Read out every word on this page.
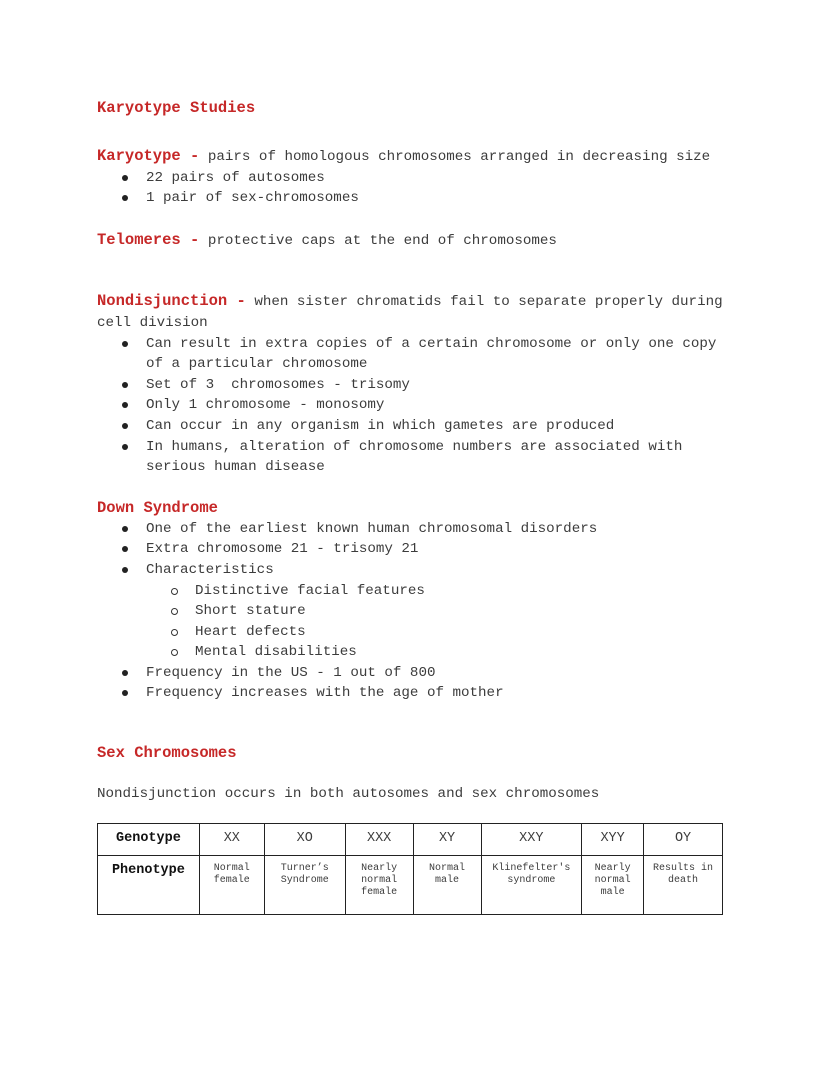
Karyotype Studies

Karyotype - pairs of homologous chromosomes arranged in decreasing size

22 pairs of autosomes
1 pair of sex-chromosomes

Telomeres - protective caps at the end of chromosomes

Nondisjunction - when sister chromatids fail to separate properly during cell division

Can result in extra copies of a certain chromosome or only one copy of a particular chromosome
Set of 3  chromosomes - trisomy
Only 1 chromosome - monosomy
Can occur in any organism in which gametes are produced
In humans, alteration of chromosome numbers are associated with serious human disease

Down Syndrome

One of the earliest known human chromosomal disorders
Extra chromosome 21 - trisomy 21
Characteristics
Distinctive facial features
Short stature
Heart defects
Mental disabilities
Frequency in the US - 1 out of 800
Frequency increases with the age of mother

Sex Chromosomes

Nondisjunction occurs in both autosomes and sex chromosomes

Genotype	XX	XO	XXX	XY	XXY	XYY	OY
Phenotype	Normal female	Turner’s Syndrome	Nearly normal female	Normal male	Klinefelter's syndrome	Nearly normal male	Results in death
